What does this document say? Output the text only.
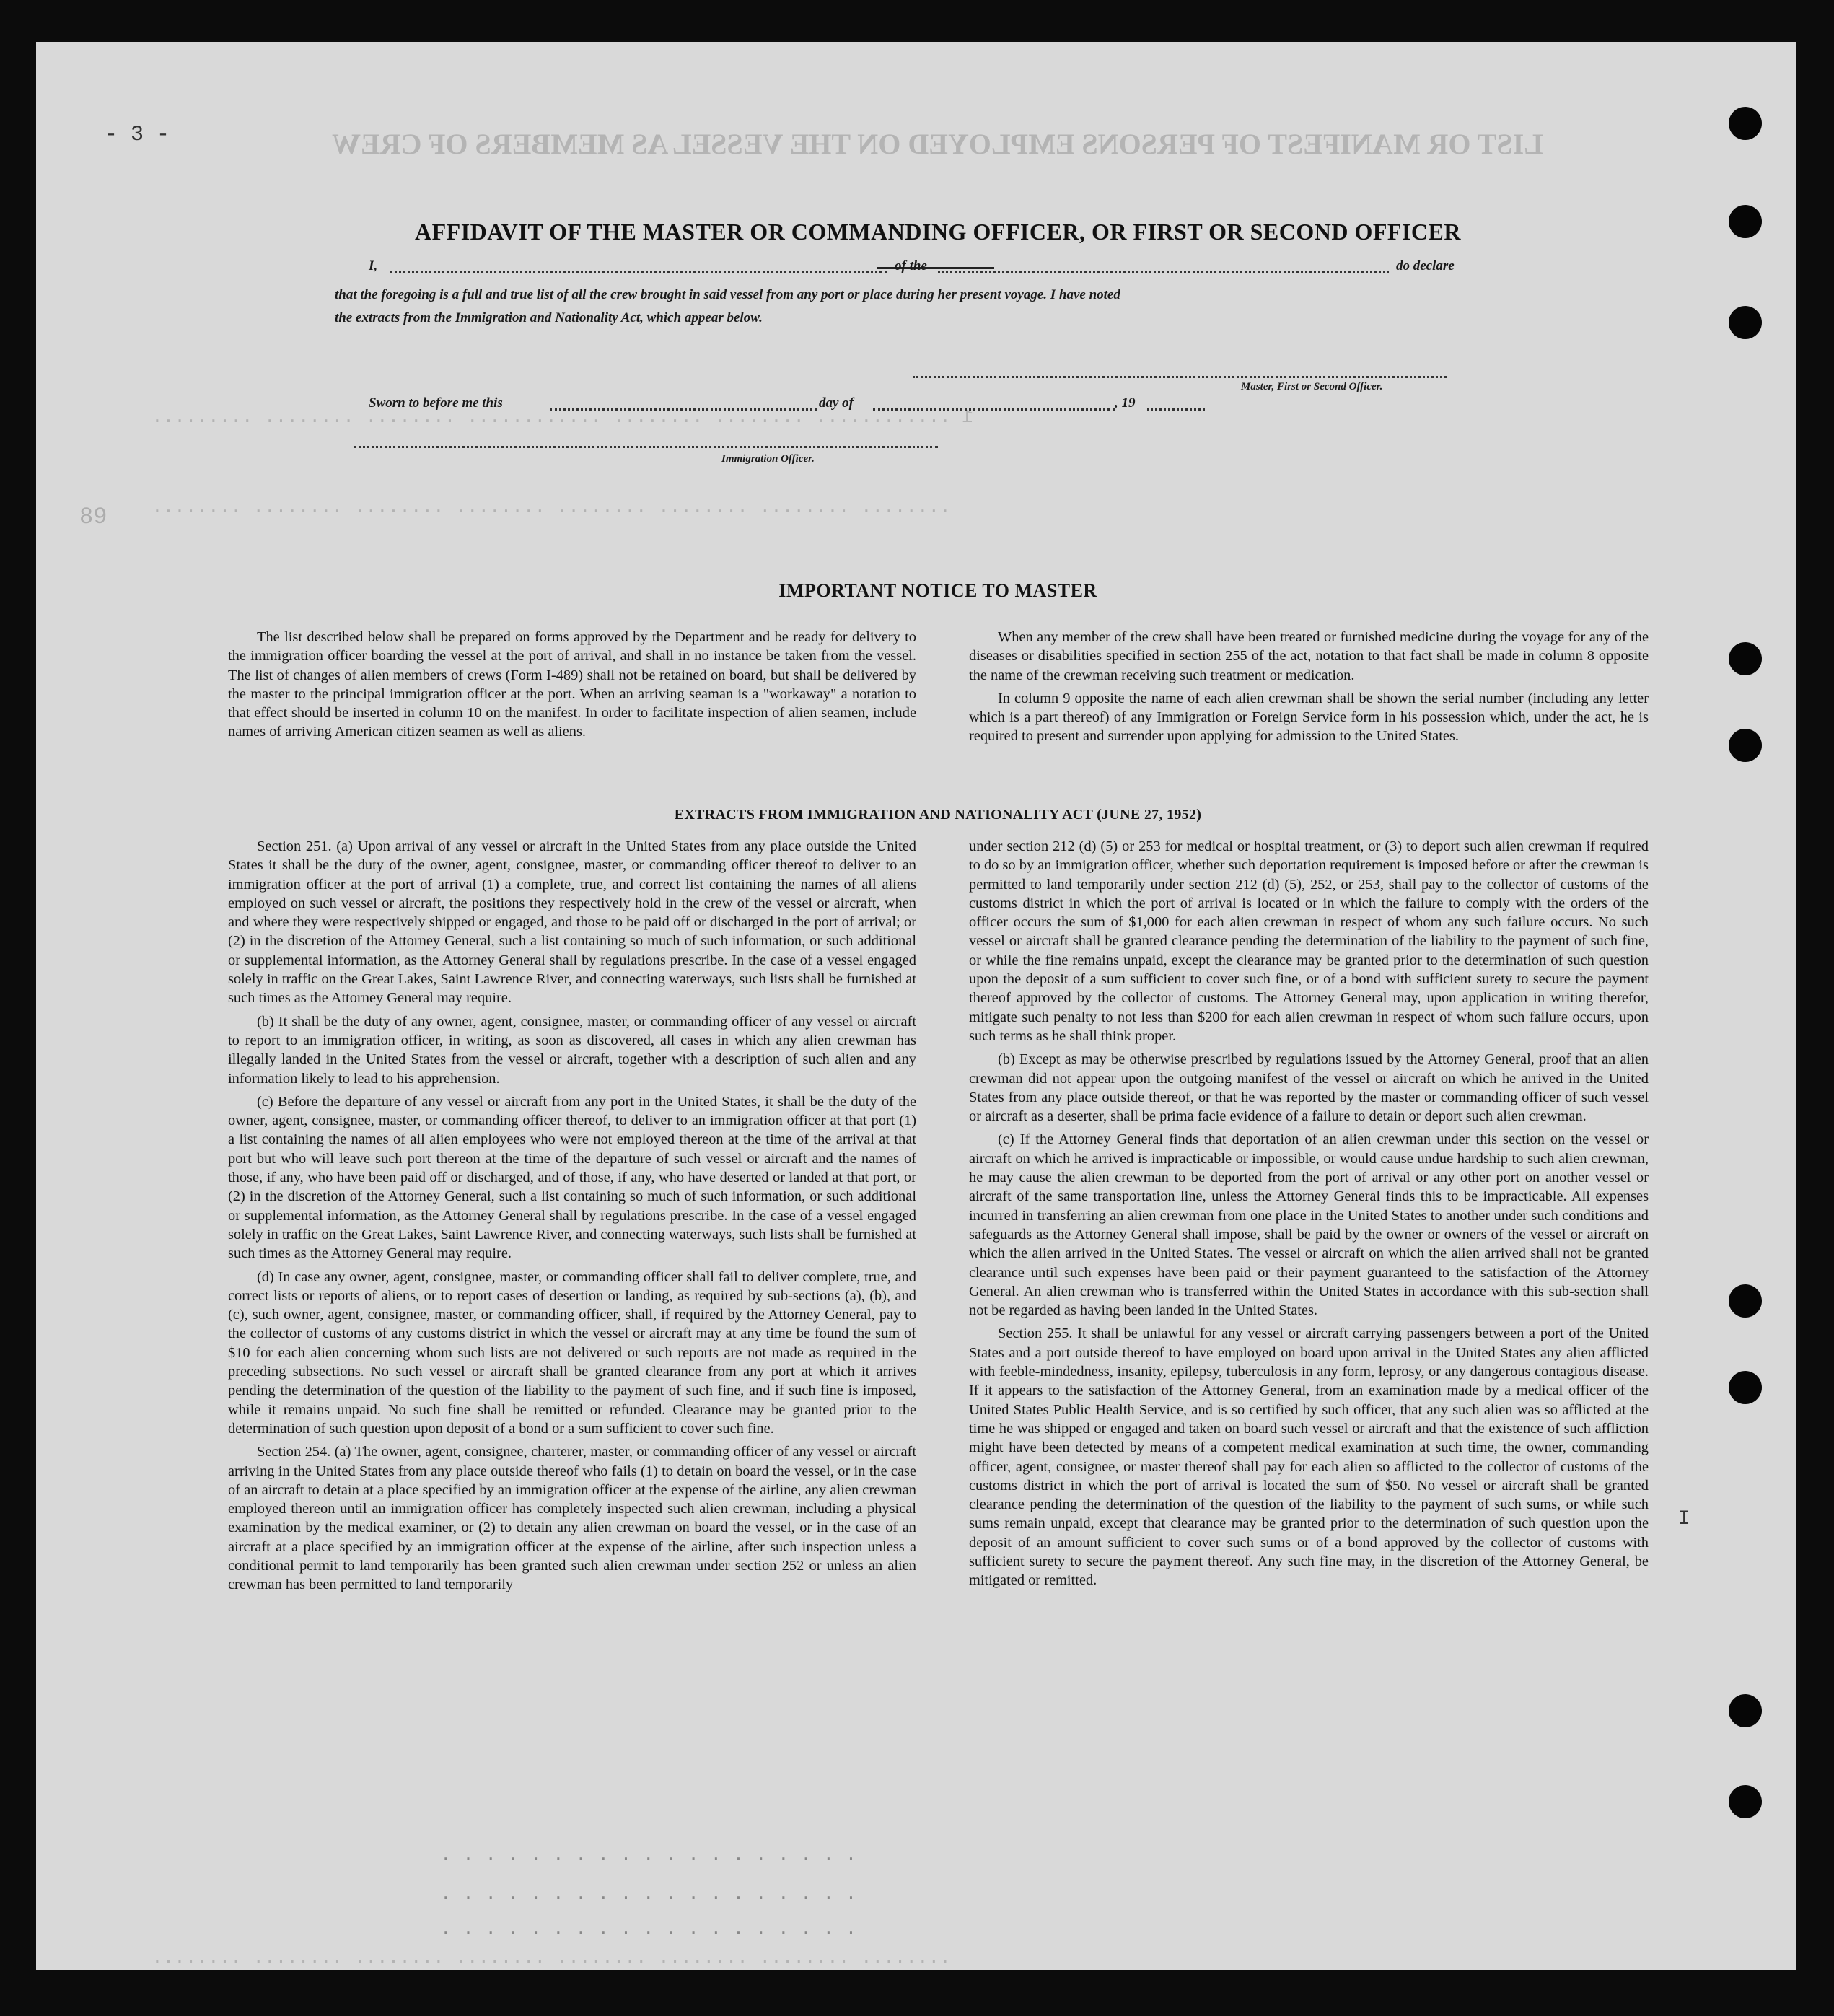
LIST OR MANIFEST OF PERSONS EMPLOYED ON THE VESSEL AS MEMBERS OF CREW
1 ............ ........ ........ ............ ........ ........ .........
........ ........ ........ ........ ........ ........ ........ ........
........ ........ ........ ........ ........ ........ ........ ........
89
- 3 -
AFFIDAVIT OF THE MASTER OR COMMANDING OFFICER, OR FIRST OR SECOND OFFICER
I,	of the	do declare
that the foregoing is a full and true list of all the crew brought in said vessel from any port or place during her present voyage. I have noted
the extracts from the Immigration and Nationality Act, which appear below.
Master, First or Second Officer.
Sworn to before me this	day of	, 19
Immigration Officer.
IMPORTANT NOTICE TO MASTER

The list described below shall be prepared on forms approved by the Department and be ready for delivery to the immigration officer boarding the vessel at the port of arrival, and shall in no instance be taken from the vessel. The list of changes of alien members of crews (Form I-489) shall not be retained on board, but shall be delivered by the master to the principal immigration officer at the port. When an arriving seaman is a "workaway" a notation to that effect should be inserted in column 10 on the manifest. In order to facilitate inspection of alien seamen, include names of arriving American citizen seamen as well as aliens.

When any member of the crew shall have been treated or furnished medicine during the voyage for any of the diseases or disabilities specified in section 255 of the act, notation to that fact shall be made in column 8 opposite the name of the crewman receiving such treatment or medication.

In column 9 opposite the name of each alien crewman shall be shown the serial number (including any letter which is a part thereof) of any Immigration or Foreign Service form in his possession which, under the act, he is required to present and surrender upon applying for admission to the United States.

EXTRACTS FROM IMMIGRATION AND NATIONALITY ACT (JUNE 27, 1952)

Section 251. (a) Upon arrival of any vessel or aircraft in the United States from any place outside the United States it shall be the duty of the owner, agent, consignee, master, or commanding officer thereof to deliver to an immigration officer at the port of arrival (1) a complete, true, and correct list containing the names of all aliens employed on such vessel or aircraft, the positions they respectively hold in the crew of the vessel or aircraft, when and where they were respectively shipped or engaged, and those to be paid off or discharged in the port of arrival; or (2) in the discretion of the Attorney General, such a list containing so much of such information, or such additional or supplemental information, as the Attorney General shall by regulations prescribe. In the case of a vessel engaged solely in traffic on the Great Lakes, Saint Lawrence River, and connecting waterways, such lists shall be furnished at such times as the Attorney General may require.

(b) It shall be the duty of any owner, agent, consignee, master, or commanding officer of any vessel or aircraft to report to an immigration officer, in writing, as soon as discovered, all cases in which any alien crewman has illegally landed in the United States from the vessel or aircraft, together with a description of such alien and any information likely to lead to his apprehension.

(c) Before the departure of any vessel or aircraft from any port in the United States, it shall be the duty of the owner, agent, consignee, master, or commanding officer thereof, to deliver to an immigration officer at that port (1) a list containing the names of all alien employees who were not employed thereon at the time of the arrival at that port but who will leave such port thereon at the time of the departure of such vessel or aircraft and the names of those, if any, who have been paid off or discharged, and of those, if any, who have deserted or landed at that port, or (2) in the discretion of the Attorney General, such a list containing so much of such information, or such additional or supplemental information, as the Attorney General shall by regulations prescribe. In the case of a vessel engaged solely in traffic on the Great Lakes, Saint Lawrence River, and connecting waterways, such lists shall be furnished at such times as the Attorney General may require.

(d) In case any owner, agent, consignee, master, or commanding officer shall fail to deliver complete, true, and correct lists or reports of aliens, or to report cases of desertion or landing, as required by sub-sections (a), (b), and (c), such owner, agent, consignee, master, or commanding officer, shall, if required by the Attorney General, pay to the collector of customs of any customs district in which the vessel or aircraft may at any time be found the sum of $10 for each alien concerning whom such lists are not delivered or such reports are not made as required in the preceding subsections. No such vessel or aircraft shall be granted clearance from any port at which it arrives pending the determination of the question of the liability to the payment of such fine, and if such fine is imposed, while it remains unpaid. No such fine shall be remitted or refunded. Clearance may be granted prior to the determination of such question upon deposit of a bond or a sum sufficient to cover such fine.

Section 254. (a) The owner, agent, consignee, charterer, master, or commanding officer of any vessel or aircraft arriving in the United States from any place outside thereof who fails (1) to detain on board the vessel, or in the case of an aircraft to detain at a place specified by an immigration officer at the expense of the airline, any alien crewman employed thereon until an immigration officer has completely inspected such alien crewman, including a physical examination by the medical examiner, or (2) to detain any alien crewman on board the vessel, or in the case of an aircraft at a place specified by an immigration officer at the expense of the airline, after such inspection unless a conditional permit to land temporarily has been granted such alien crewman under section 252 or unless an alien crewman has been permitted to land temporarily

under section 212 (d) (5) or 253 for medical or hospital treatment, or (3) to deport such alien crewman if required to do so by an immigration officer, whether such deportation requirement is imposed before or after the crewman is permitted to land temporarily under section 212 (d) (5), 252, or 253, shall pay to the collector of customs of the customs district in which the port of arrival is located or in which the failure to comply with the orders of the officer occurs the sum of $1,000 for each alien crewman in respect of whom any such failure occurs. No such vessel or aircraft shall be granted clearance pending the determination of the liability to the payment of such fine, or while the fine remains unpaid, except the clearance may be granted prior to the determination of such question upon the deposit of a sum sufficient to cover such fine, or of a bond with sufficient surety to secure the payment thereof approved by the collector of customs. The Attorney General may, upon application in writing therefor, mitigate such penalty to not less than $200 for each alien crewman in respect of whom such failure occurs, upon such terms as he shall think proper.

(b) Except as may be otherwise prescribed by regulations issued by the Attorney General, proof that an alien crewman did not appear upon the outgoing manifest of the vessel or aircraft on which he arrived in the United States from any place outside thereof, or that he was reported by the master or commanding officer of such vessel or aircraft as a deserter, shall be prima facie evidence of a failure to detain or deport such alien crewman.

(c) If the Attorney General finds that deportation of an alien crewman under this section on the vessel or aircraft on which he arrived is impracticable or impossible, or would cause undue hardship to such alien crewman, he may cause the alien crewman to be deported from the port of arrival or any other port on another vessel or aircraft of the same transportation line, unless the Attorney General finds this to be impracticable. All expenses incurred in transferring an alien crewman from one place in the United States to another under such conditions and safeguards as the Attorney General shall impose, shall be paid by the owner or owners of the vessel or aircraft on which the alien arrived in the United States. The vessel or aircraft on which the alien arrived shall not be granted clearance until such expenses have been paid or their payment guaranteed to the satisfaction of the Attorney General. An alien crewman who is transferred within the United States in accordance with this sub-section shall not be regarded as having been landed in the United States.

Section 255. It shall be unlawful for any vessel or aircraft carrying passengers between a port of the United States and a port outside thereof to have employed on board upon arrival in the United States any alien afflicted with feeble-mindedness, insanity, epilepsy, tuberculosis in any form, leprosy, or any dangerous contagious disease. If it appears to the satisfaction of the Attorney General, from an examination made by a medical officer of the United States Public Health Service, and is so certified by such officer, that any such alien was so afflicted at the time he was shipped or engaged and taken on board such vessel or aircraft and that the existence of such affliction might have been detected by means of a competent medical examination at such time, the owner, commanding officer, agent, consignee, or master thereof shall pay for each alien so afflicted to the collector of customs of the customs district in which the port of arrival is located the sum of $50. No vessel or aircraft shall be granted clearance pending the determination of the question of the liability to the payment of such sums, or while such sums remain unpaid, except that clearance may be granted prior to the determination of such question upon the deposit of an amount sufficient to cover such sums or of a bond approved by the collector of customs with sufficient surety to secure the payment thereof. Any such fine may, in the discretion of the Attorney General, be mitigated or remitted.

I
. . . . . . . . . . . . . . . . . . .
. . . . . . . . . . . . . . . . . . .
. . . . . . . . . . . . . . . . . . .
